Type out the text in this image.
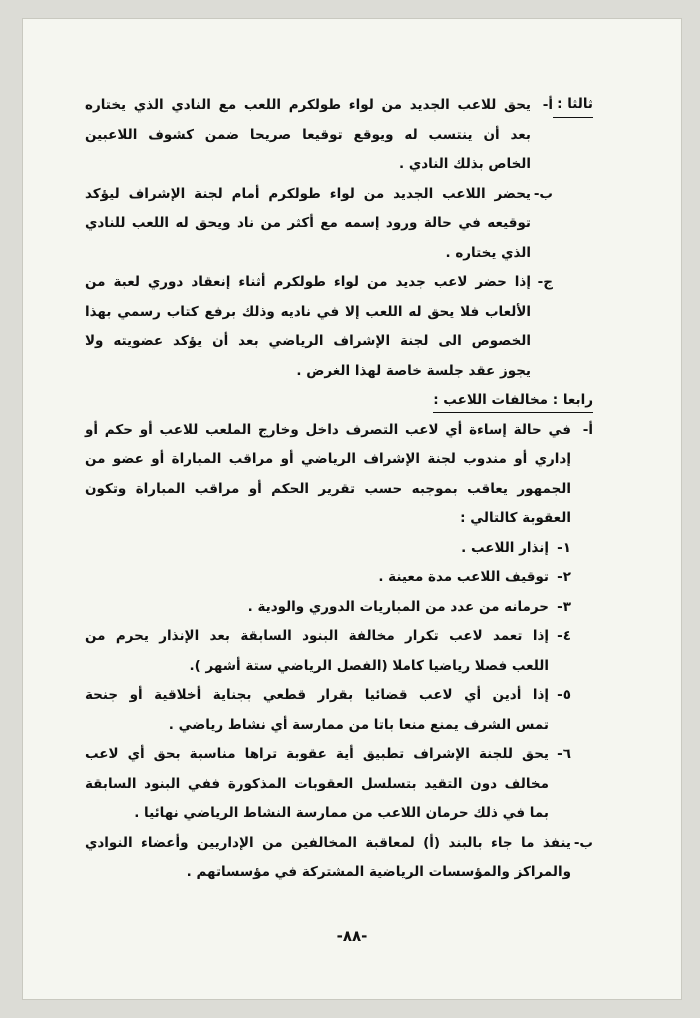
ثالثا :
أ-
يحق للاعب الجديد من لواء طولكرم اللعب مع النادي الذي يختاره
بعد أن ينتسب له ويوقع توقيعا صريحا ضمن كشوف اللاعبين
الخاص بذلك النادي .
ب-
يحضر اللاعب الجديد من لواء طولكرم أمام لجنة الإشراف ليؤكد
توقيعه في حالة ورود إسمه مع أكثر من ناد ويحق له اللعب للنادي
الذي يختاره .
ج-
إذا حضر لاعب جديد من لواء طولكرم أثناء إنعقاد دوري لعبة من
الألعاب فلا يحق له اللعب إلا في ناديه وذلك برفع كتاب رسمي بهذا
الخصوص الى لجنة الإشراف الرياضي بعد أن يؤكد عضويته ولا
يجوز عقد جلسة خاصة لهذا الغرض .
رابعا : مخالفات اللاعب :
أ-
في حالة إساءة أي لاعب التصرف داخل وخارج الملعب للاعب أو حكم أو
إداري أو مندوب لجنة الإشراف الرياضي أو مراقب المباراة أو عضو من
الجمهور يعاقب بموجبه حسب تقرير الحكم أو مراقب المباراة وتكون
العقوبة كالتالي :
١-
إنذار اللاعب .
٢-
توقيف اللاعب مدة معينة .
٣-
حرمانه من عدد من المباريات الدوري والودية .
٤-
إذا تعمد لاعب تكرار مخالفة البنود السابقة بعد الإنذار يحرم من
اللعب فصلا رياضيا كاملا (الفصل الرياضي ستة أشهر ).
٥-
إذا أدين أي لاعب قضائيا بقرار قطعي بجناية أخلاقية أو جنحة
تمس الشرف يمنع منعا باتا من ممارسة أي نشاط رياضي .
٦-
يحق للجنة الإشراف تطبيق أية عقوبة تراها مناسبة بحق أي لاعب
مخالف دون التقيد بتسلسل العقوبات المذكورة ففي البنود السابقة
بما في ذلك حرمان اللاعب من ممارسة النشاط الرياضي نهائيا .
ب-
ينفذ ما جاء بالبند (أ) لمعاقبة المخالفين من الإداريين وأعضاء النوادي
والمراكز والمؤسسات الرياضية المشتركة في مؤسساتهم .
-٨٨-
